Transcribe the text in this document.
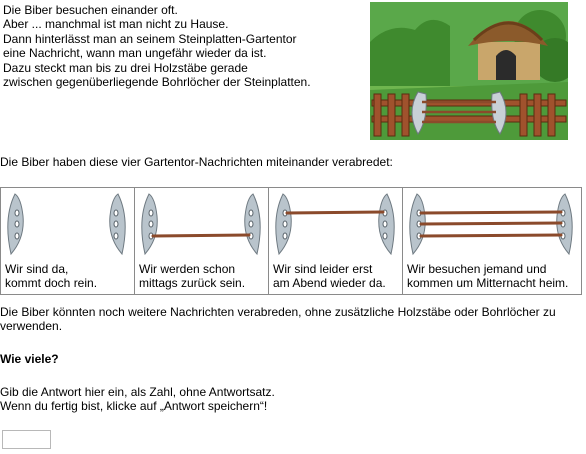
Die Biber besuchen einander oft.
Aber ... manchmal ist man nicht zu Hause.
Dann hinterlässt man an seinem Steinplatten-Gartentor
eine Nachricht, wann man ungefähr wieder da ist.
Dazu steckt man bis zu drei Holzstäbe gerade
zwischen gegenüberliegende Bohrlöcher der Steinplatten.
Die Biber haben diese vier Gartentor-Nachrichten miteinander verabredet:
Wir sind da,
kommt doch rein.
Wir werden schon
mittags zurück sein.
Wir sind leider erst
am Abend wieder da.
Wir besuchen jemand und
kommen um Mitternacht heim.
Die Biber könnten noch weitere Nachrichten verabreden, ohne zusätzliche Holzstäbe oder Bohrlöcher zu verwenden.
Wie viele?
Gib die Antwort hier ein, als Zahl, ohne Antwortsatz.
Wenn du fertig bist, klicke auf „Antwort speichern“!
